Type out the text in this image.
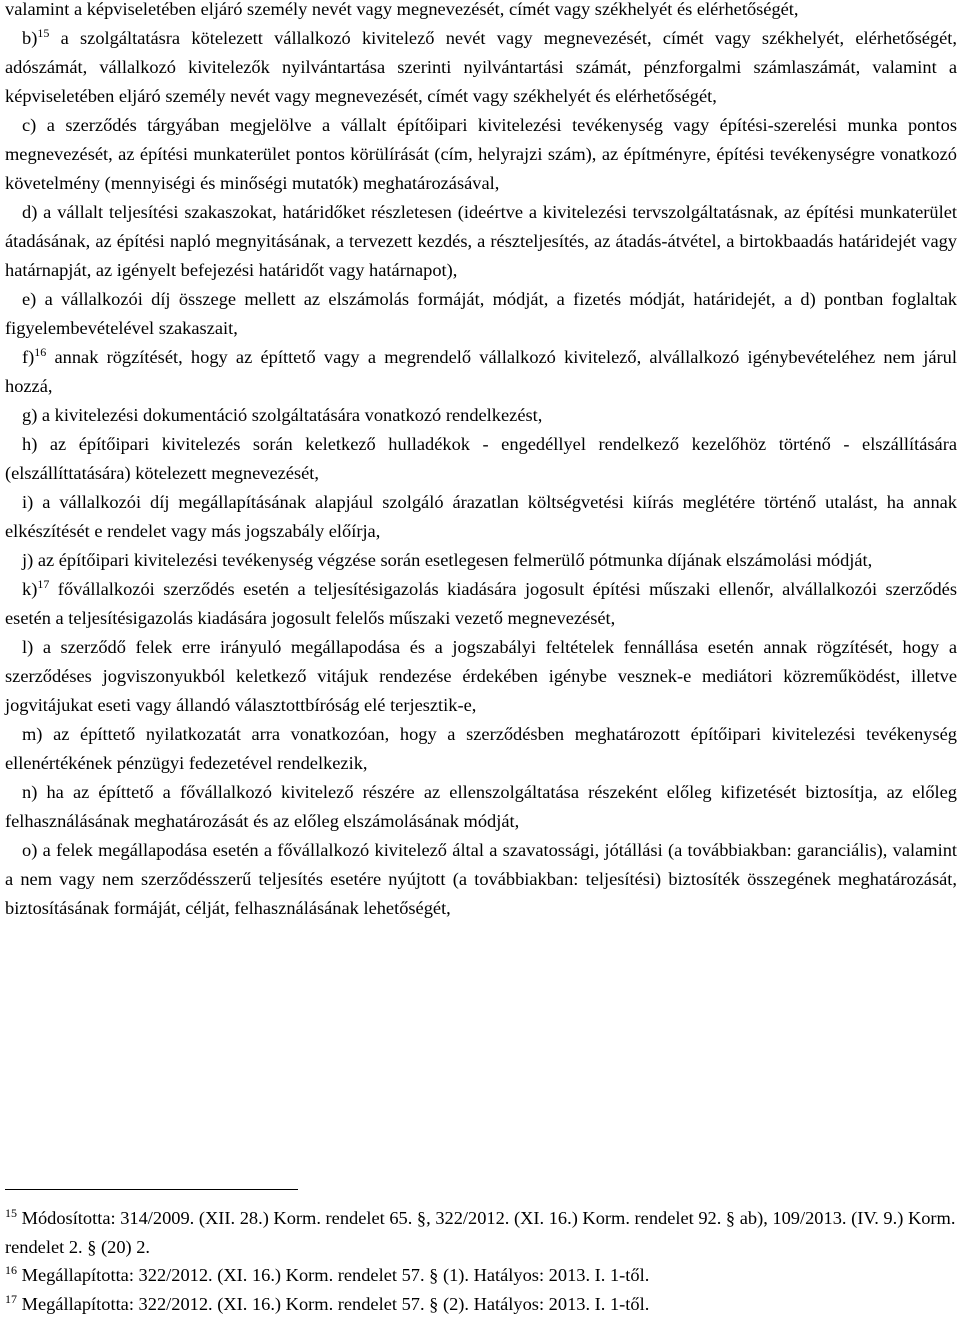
valamint a képviseletében eljáró személy nevét vagy megnevezését, címét vagy székhelyét és elérhetőségét,

b)$^{15}$ a szolgáltatásra kötelezett vállalkozó kivitelező nevét vagy megnevezését, címét vagy székhelyét, elérhetőségét, adószámát, vállalkozó kivitelezők nyilvántartása szerinti nyilvántartási számát, pénzforgalmi számlaszámát, valamint a képviseletében eljáró személy nevét vagy megnevezését, címét vagy székhelyét és elérhetőségét,

c) a szerződés tárgyában megjelölve a vállalt építőipari kivitelezési tevékenység vagy építési-szerelési munka pontos megnevezését, az építési munkaterület pontos körülírását (cím, helyrajzi szám), az építményre, építési tevékenységre vonatkozó követelmény (mennyiségi és minőségi mutatók) meghatározásával,

d) a vállalt teljesítési szakaszokat, határidőket részletesen (ideértve a kivitelezési tervszolgáltatásnak, az építési munkaterület átadásának, az építési napló megnyitásának, a tervezett kezdés, a részteljesítés, az átadás-átvétel, a birtokbaadás határidejét vagy határnapját, az igényelt befejezési határidőt vagy határnapot),

e) a vállalkozói díj összege mellett az elszámolás formáját, módját, a fizetés módját, határidejét, a d) pontban foglaltak figyelembevételével szakaszait,

f)$^{16}$ annak rögzítését, hogy az építtető vagy a megrendelő vállalkozó kivitelező, alvállalkozó igénybevételéhez nem járul hozzá,

g) a kivitelezési dokumentáció szolgáltatására vonatkozó rendelkezést,

h) az építőipari kivitelezés során keletkező hulladékok - engedéllyel rendelkező kezelőhöz történő - elszállítására (elszállíttatására) kötelezett megnevezését,

i) a vállalkozói díj megállapításának alapjául szolgáló árazatlan költségvetési kiírás meglétére történő utalást, ha annak elkészítését e rendelet vagy más jogszabály előírja,

j) az építőipari kivitelezési tevékenység végzése során esetlegesen felmerülő pótmunka díjának elszámolási módját,

k)$^{17}$ fővállalkozói szerződés esetén a teljesítésigazolás kiadására jogosult építési műszaki ellenőr, alvállalkozói szerződés esetén a teljesítésigazolás kiadására jogosult felelős műszaki vezető megnevezését,

l) a szerződő felek erre irányuló megállapodása és a jogszabályi feltételek fennállása esetén annak rögzítését, hogy a szerződéses jogviszonyukból keletkező vitájuk rendezése érdekében igénybe vesznek-e mediátori közreműködést, illetve jogvitájukat eseti vagy állandó választottbíróság elé terjesztik-e,

m) az építtető nyilatkozatát arra vonatkozóan, hogy a szerződésben meghatározott építőipari kivitelezési tevékenység ellenértékének pénzügyi fedezetével rendelkezik,

n) ha az építtető a fővállalkozó kivitelező részére az ellenszolgáltatása részeként előleg kifizetését biztosítja, az előleg felhasználásának meghatározását és az előleg elszámolásának módját,

o) a felek megállapodása esetén a fővállalkozó kivitelező által a szavatossági, jótállási (a továbbiakban: garanciális), valamint a nem vagy nem szerződésszerű teljesítés esetére nyújtott (a továbbiakban: teljesítési) biztosíték összegének meghatározását, biztosításának formáját, célját, felhasználásának lehetőségét,

$^{15}$ Módosította: 314/2009. (XII. 28.) Korm. rendelet 65. §, 322/2012. (XI. 16.) Korm. rendelet 92. § ab), 109/2013. (IV. 9.) Korm. rendelet 2. § (20) 2.

$^{16}$ Megállapította: 322/2012. (XI. 16.) Korm. rendelet 57. § (1). Hatályos: 2013. I. 1-től.

$^{17}$ Megállapította: 322/2012. (XI. 16.) Korm. rendelet 57. § (2). Hatályos: 2013. I. 1-től.
